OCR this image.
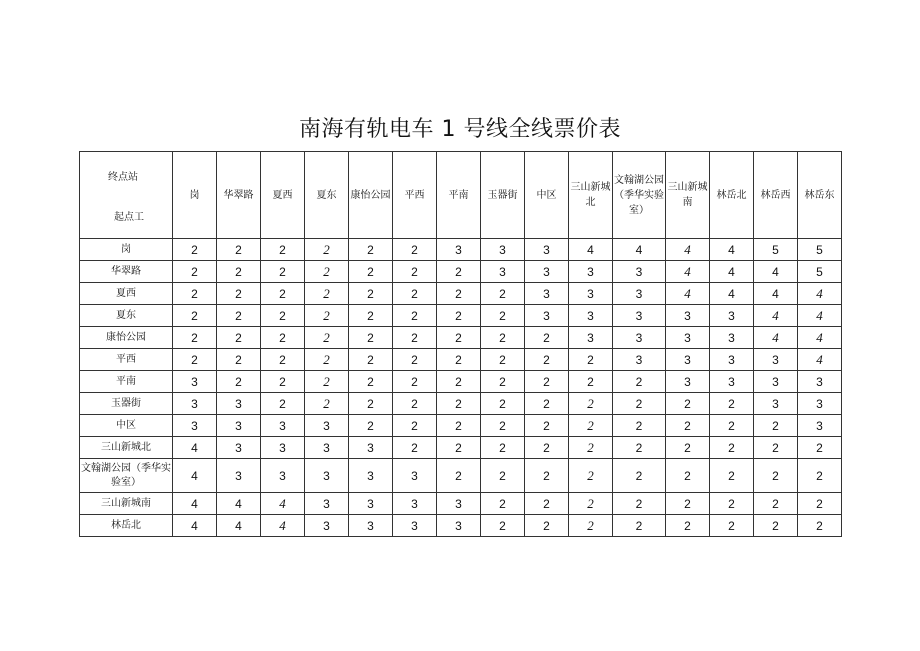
南海有轨电车 1 号线全线票价表
终点站
起点工	岗	华翠路	夏西	夏东	康怡公园	平西	平南	玉器街	中区	三山新城北	文翰湖公园（季华实验室）	三山新城南	林岳北	林岳西	林岳东
岗	2	2	2	2	2	2	3	3	3	4	4	4	4	5	5
华翠路	2	2	2	2	2	2	2	3	3	3	3	4	4	4	5
夏西	2	2	2	2	2	2	2	2	3	3	3	4	4	4	4
夏东	2	2	2	2	2	2	2	2	3	3	3	3	3	4	4
康怡公园	2	2	2	2	2	2	2	2	2	3	3	3	3	4	4
平西	2	2	2	2	2	2	2	2	2	2	3	3	3	3	4
平南	3	2	2	2	2	2	2	2	2	2	2	3	3	3	3
玉器街	3	3	2	2	2	2	2	2	2	2	2	2	2	3	3
中区	3	3	3	3	2	2	2	2	2	2	2	2	2	2	3
三山新城北	4	3	3	3	3	2	2	2	2	2	2	2	2	2	2
文翰湖公园（季华实验室）	4	3	3	3	3	3	2	2	2	2	2	2	2	2	2
三山新城南	4	4	4	3	3	3	3	2	2	2	2	2	2	2	2
林岳北	4	4	4	3	3	3	3	2	2	2	2	2	2	2	2
